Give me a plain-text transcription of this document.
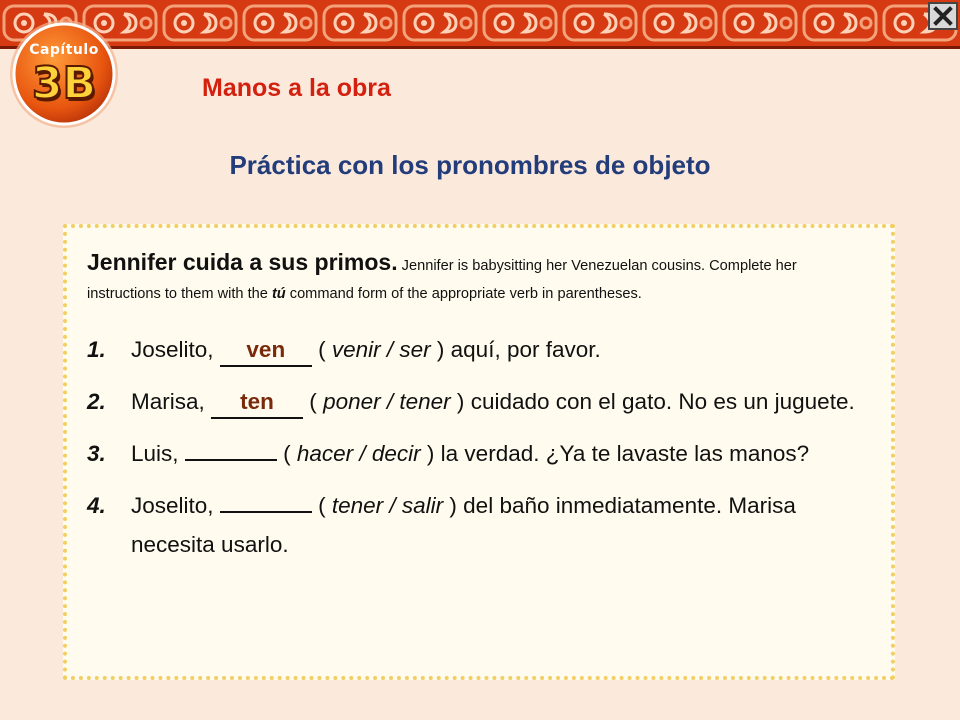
Capítulo
3B	Manos a la obra
Práctica con los pronombres de objeto

Jennifer cuida a sus primos. Jennifer is babysitting her Venezuelan cousins. Complete her instructions to them with the tú command form of the appropriate verb in parentheses.

1. Joselito, ven ( venir / ser ) aquí, por favor.
2. Marisa, ten ( poner / tener ) cuidado con el gato. No es un juguete.
3. Luis,	( hacer / decir ) la verdad. ¿Ya te lavaste las manos?
4. Joselito,	( tener / salir ) del baño inmediatamente. Marisa necesita usarlo.
